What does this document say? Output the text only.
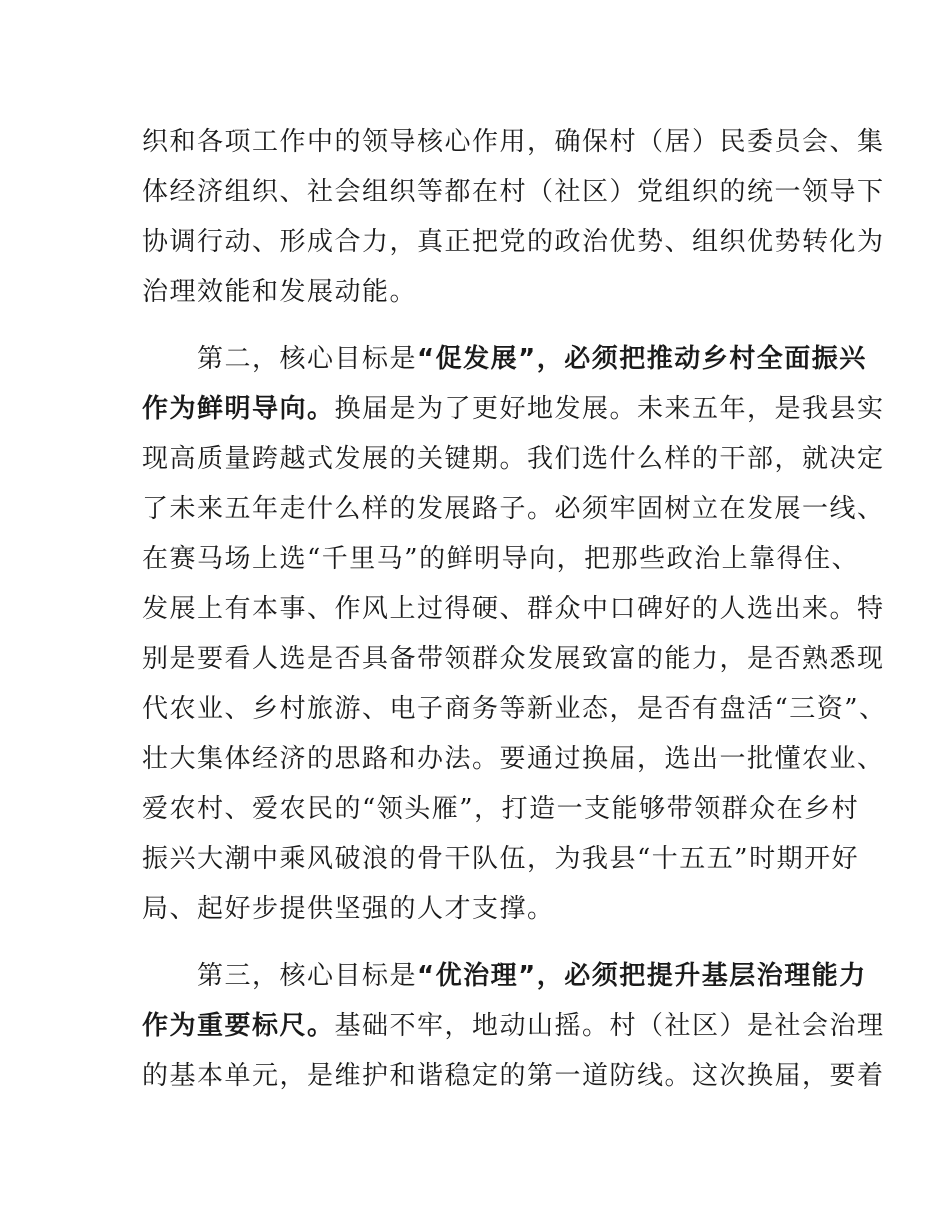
织和各项工作中的领导核心作用，确保村（居）民委员会、集
体经济组织、社会组织等都在村（社区）党组织的统一领导下
协调行动、形成合力，真正把党的政治优势、组织优势转化为
治理效能和发展动能。
　　第二，核心目标是“促发展”，必须把推动乡村全面振兴
作为鲜明导向。换届是为了更好地发展。未来五年，是我县实
现高质量跨越式发展的关键期。我们选什么样的干部，就决定
了未来五年走什么样的发展路子。必须牢固树立在发展一线、
在赛马场上选“千里马”的鲜明导向，把那些政治上靠得住、
发展上有本事、作风上过得硬、群众中口碑好的人选出来。特
别是要看人选是否具备带领群众发展致富的能力，是否熟悉现
代农业、乡村旅游、电子商务等新业态，是否有盘活“三资”、
壮大集体经济的思路和办法。要通过换届，选出一批懂农业、
爱农村、爱农民的“领头雁”，打造一支能够带领群众在乡村
振兴大潮中乘风破浪的骨干队伍，为我县“十五五”时期开好
局、起好步提供坚强的人才支撑。
　　第三，核心目标是“优治理”，必须把提升基层治理能力
作为重要标尺。基础不牢，地动山摇。村（社区）是社会治理
的基本单元，是维护和谐稳定的第一道防线。这次换届，要着
